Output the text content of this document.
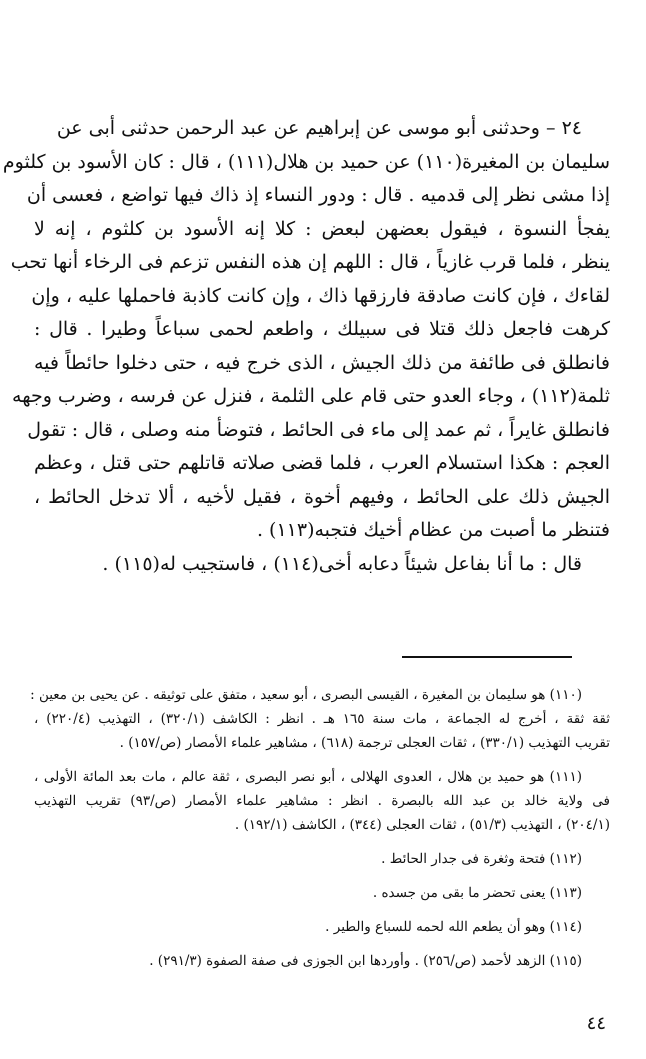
٢٤ – وحدثنى أبو موسى عن إبراهيم عن عبد الرحمن حدثنى أبى عن
سليمان بن المغيرة(١١٠) عن حميد بن هلال(١١١) ، قال : كان الأسود بن كلثوم
إذا مشى نظر إلى قدميه . قال : ودور النساء إذ ذاك فيها تواضع ، فعسى أن
يفجأ النسوة ، فيقول بعضهن لبعض : كلا إنه الأسود بن كلثوم ، إنه لا
ينظر ، فلما قرب غازياً ، قال : اللهم إن هذه النفس تزعم فى الرخاء أنها تحب
لقاءك ، فإن كانت صادقة فارزقها ذاك ، وإن كانت كاذبة فاحملها عليه ، وإن
كرهت فاجعل ذلك قتلا فى سبيلك ، واطعم لحمى سباعاً وطيرا . قال :
فانطلق فى طائفة من ذلك الجيش ، الذى خرج فيه ، حتى دخلوا حائطاً فيه
ثلمة(١١٢) ، وجاء العدو حتى قام على الثلمة ، فنزل عن فرسه ، وضرب وجهه
فانطلق غايراً ، ثم عمد إلى ماء فى الحائط ، فتوضأ منه وصلى ، قال : تقول
العجم : هكذا استسلام العرب ، فلما قضى صلاته قاتلهم حتى قتل ، وعظم
الجيش ذلك على الحائط ، وفيهم أخوة ، فقيل لأخيه ، ألا تدخل الحائط ،
فتنظر ما أصبت من عظام أخيك فتجبه(١١٣) .
قال : ما أنا بفاعل شيئاً دعابه أخى(١١٤) ، فاستجيب له(١١٥) .
(١١٠) هو سليمان بن المغيرة ، القيسى البصرى ، أبو سعيد ، متفق على توثيقه . عن يحيى بن معين :
ثقة ثقة ، أخرج له الجماعة ، مات سنة ١٦٥ هـ . انظر : الكاشف (٣٢٠/١) ، التهذيب (٢٢٠/٤) ،
تقريب التهذيب (٣٣٠/١) ، ثقات العجلى ترجمة (٦١٨) ، مشاهير علماء الأمصار (ص/١٥٧) .
(١١١) هو حميد بن هلال ، العدوى الهلالى ، أبو نصر البصرى ، ثقة عالم ، مات بعد المائة الأولى ،
فى ولاية خالد بن عبد الله بالبصرة . انظر : مشاهير علماء الأمصار (ص/٩٣) تقريب التهذيب
(٢٠٤/١) ، التهذيب (٥١/٣) ، ثقات العجلى (٣٤٤) ، الكاشف (١٩٢/١) .
(١١٢) فتحة وثغرة فى جدار الحائط .
(١١٣) يعنى تحضر ما بقى من جسده .
(١١٤) وهو أن يطعم الله لحمه للسباع والطير .
(١١٥) الزهد لأحمد (ص/٢٥٦) . وأوردها ابن الجوزى فى صفة الصفوة (٢٩١/٣) .
٤٤
